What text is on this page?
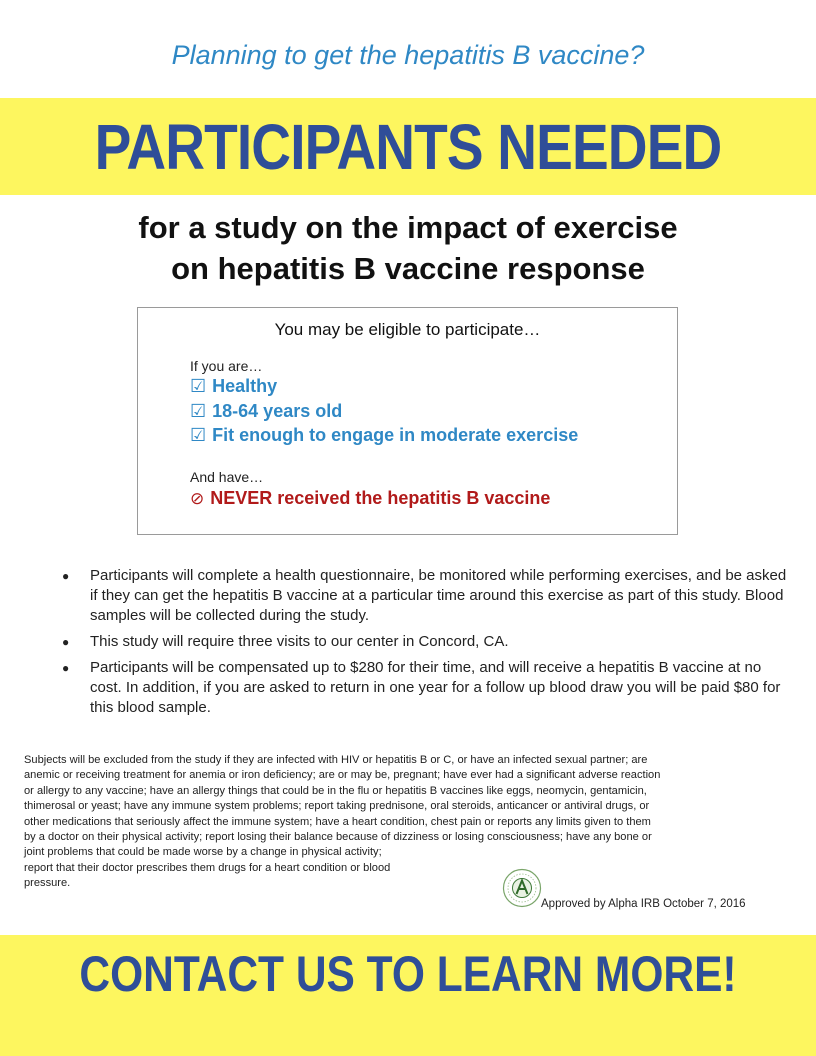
Planning to get the hepatitis B vaccine?
PARTICIPANTS NEEDED
for a study on the impact of exercise
on hepatitis B vaccine response
You may be eligible to participate…
If you are…
☑ Healthy
☑ 18-64 years old
☑ Fit enough to engage in moderate exercise
And have…
⊘ NEVER received the hepatitis B vaccine
● Participants will complete a health questionnaire, be monitored while performing exercises, and be asked if they can get the hepatitis B vaccine at a particular time around this exercise as part of this study. Blood samples will be collected during the study.
● This study will require three visits to our center in Concord, CA.
● Participants will be compensated up to $280 for their time, and will receive a hepatitis B vaccine at no cost. In addition, if you are asked to return in one year for a follow up blood draw you will be paid $80 for this blood sample.

Subjects will be excluded from the study if they are infected with HIV or hepatitis B or C, or have an infected sexual partner; are

anemic or receiving treatment for anemia or iron deficiency; are or may be, pregnant; have ever had a significant adverse reaction

or allergy to any vaccine; have an allergy things that could be in the flu or hepatitis B vaccines like eggs, neomycin, gentamicin,

thimerosal or yeast; have any immune system problems; report taking prednisone, oral steroids, anticancer or antiviral drugs, or

other medications that seriously affect the immune system; have a heart condition, chest pain or reports any limits given to them

by a doctor on their physical activity; report losing their balance because of dizziness or losing consciousness; have any bone or

joint problems that could be made worse by a change in physical activity;

report that their doctor prescribes them drugs for a heart condition or blood

pressure.

Approved by Alpha IRB October 7, 2016
CONTACT US TO LEARN MORE!
